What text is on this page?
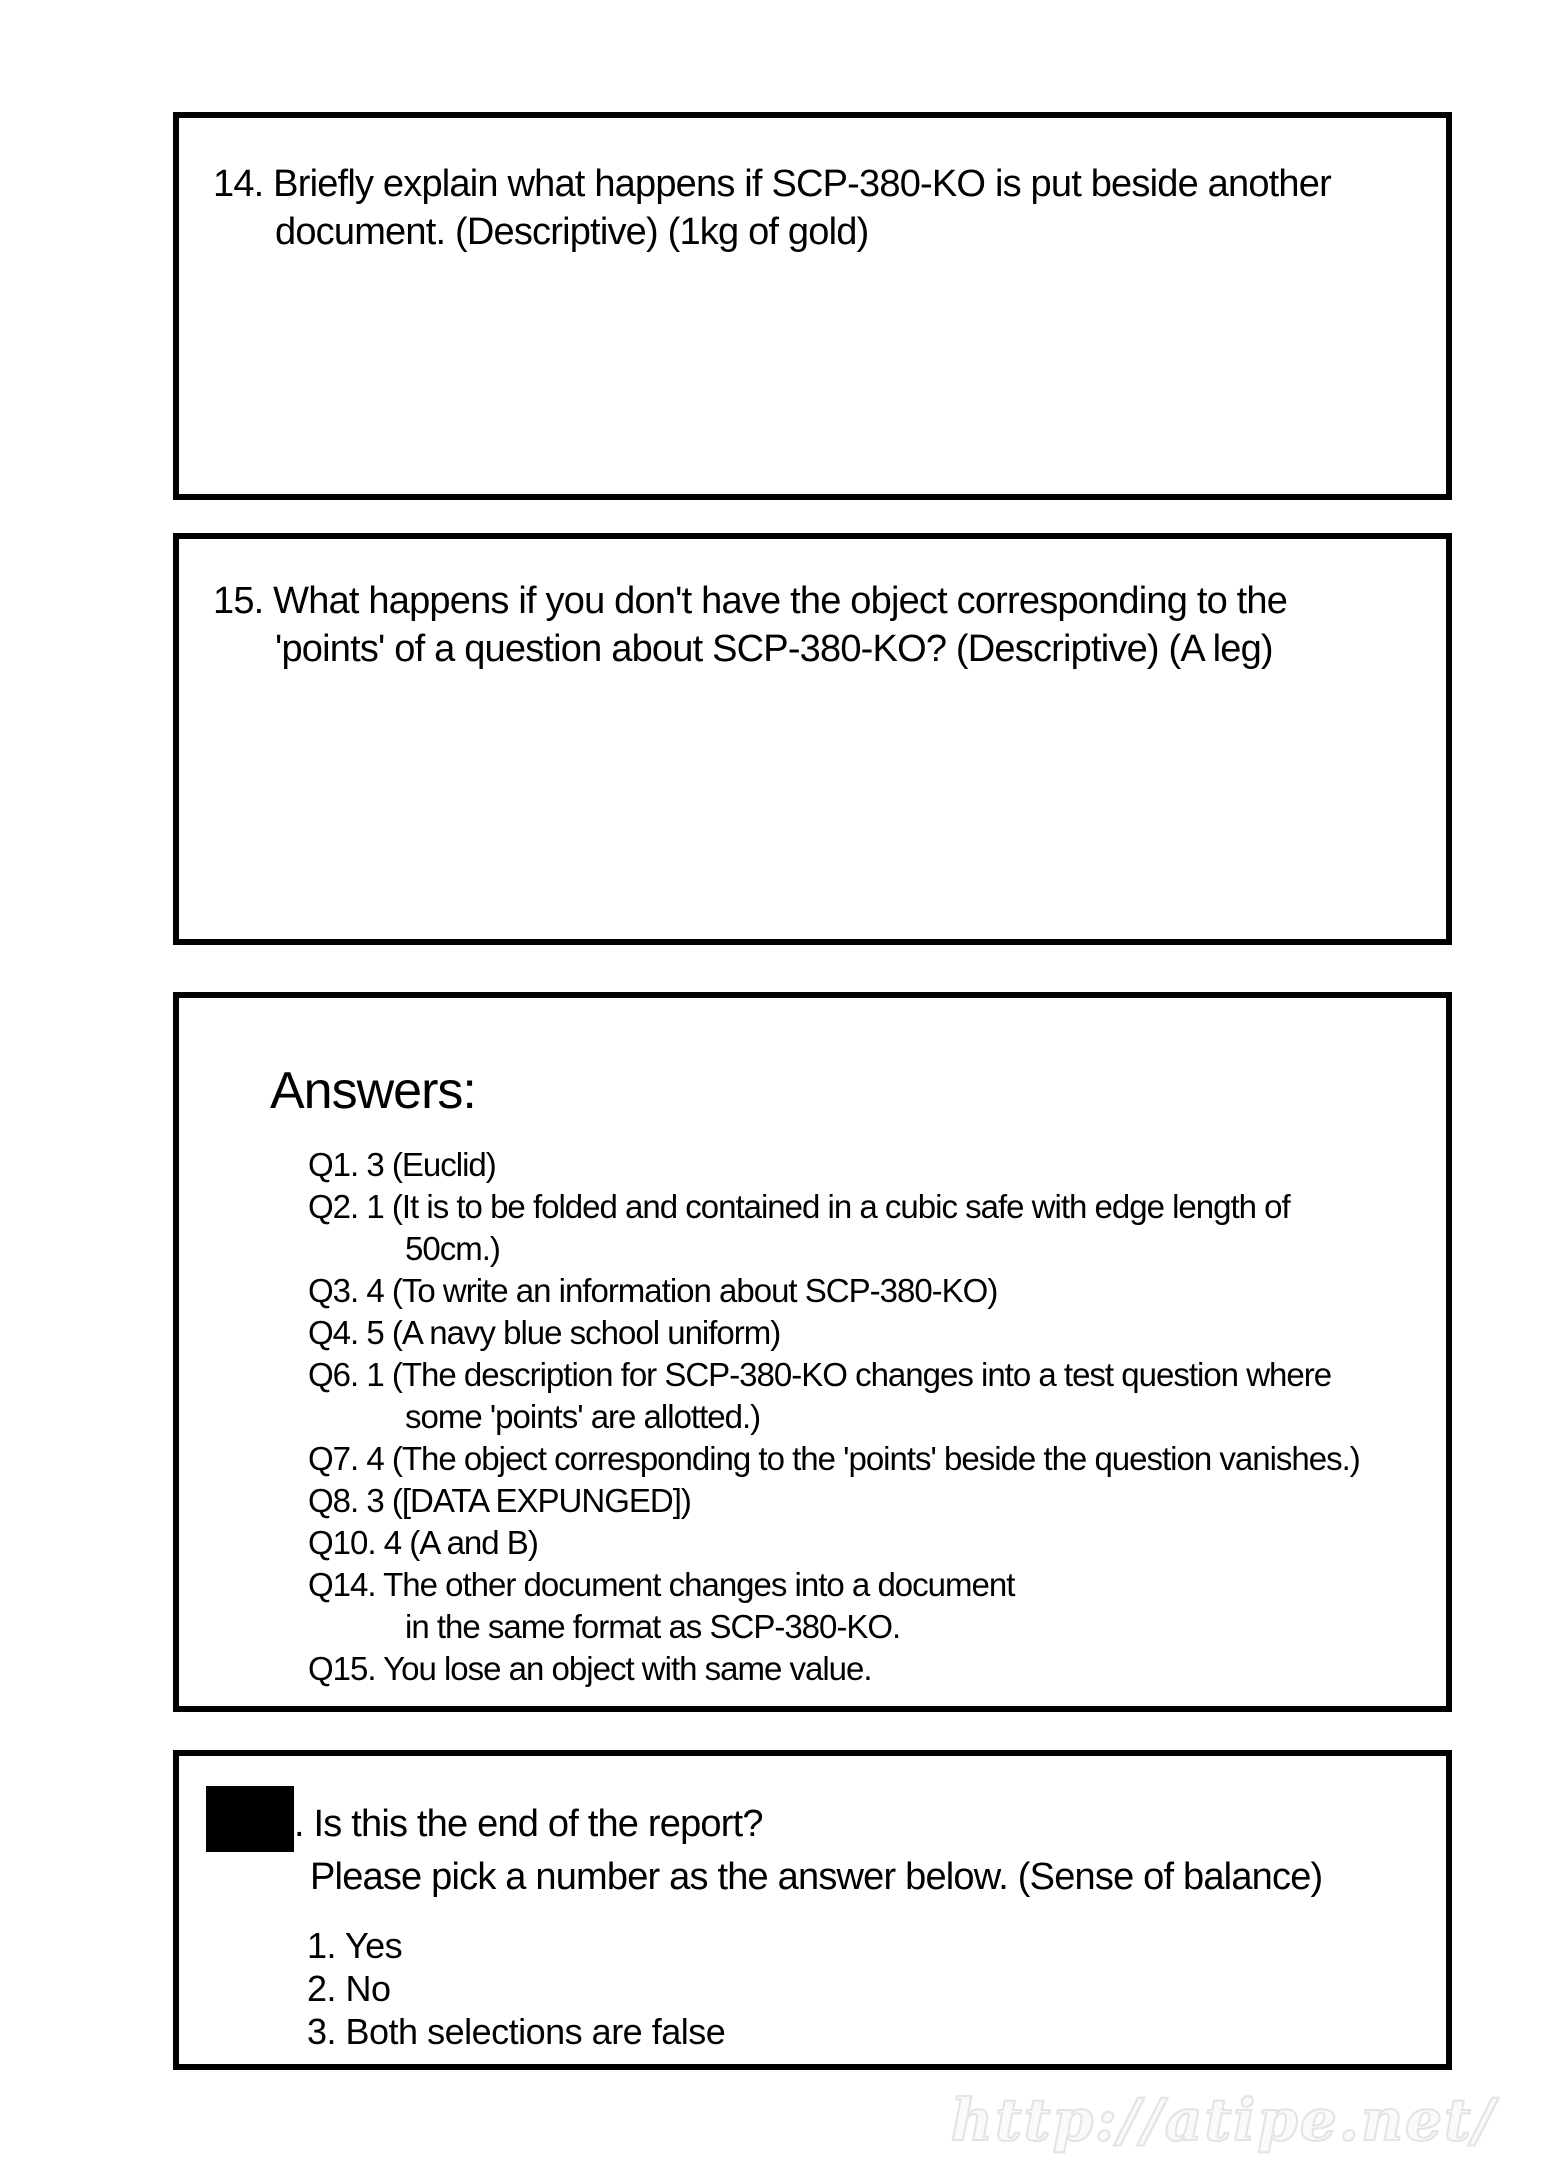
14. Briefly explain what happens if SCP-380-KO is put beside another
document. (Descriptive) (1kg of gold)
15. What happens if you don't have the object corresponding to the
'points' of a question about SCP-380-KO? (Descriptive) (A leg)
Answers:
Q1. 3 (Euclid)
Q2. 1 (It is to be folded and contained in a cubic safe with edge length of
50cm.)
Q3. 4 (To write an information about SCP-380-KO)
Q4. 5 (A navy blue school uniform)
Q6. 1 (The description for SCP-380-KO changes into a test question where
some 'points' are allotted.)
Q7. 4 (The object corresponding to the 'points' beside the question vanishes.)
Q8. 3 ([DATA EXPUNGED])
Q10. 4 (A and B)
Q14. The other document changes into a document
in the same format as SCP-380-KO.
Q15. You lose an object with same value.
. Is this the end of the report?
Please pick a number as the answer below. (Sense of balance)
1. Yes
2. No
3. Both selections are false
http://atipe.net/
